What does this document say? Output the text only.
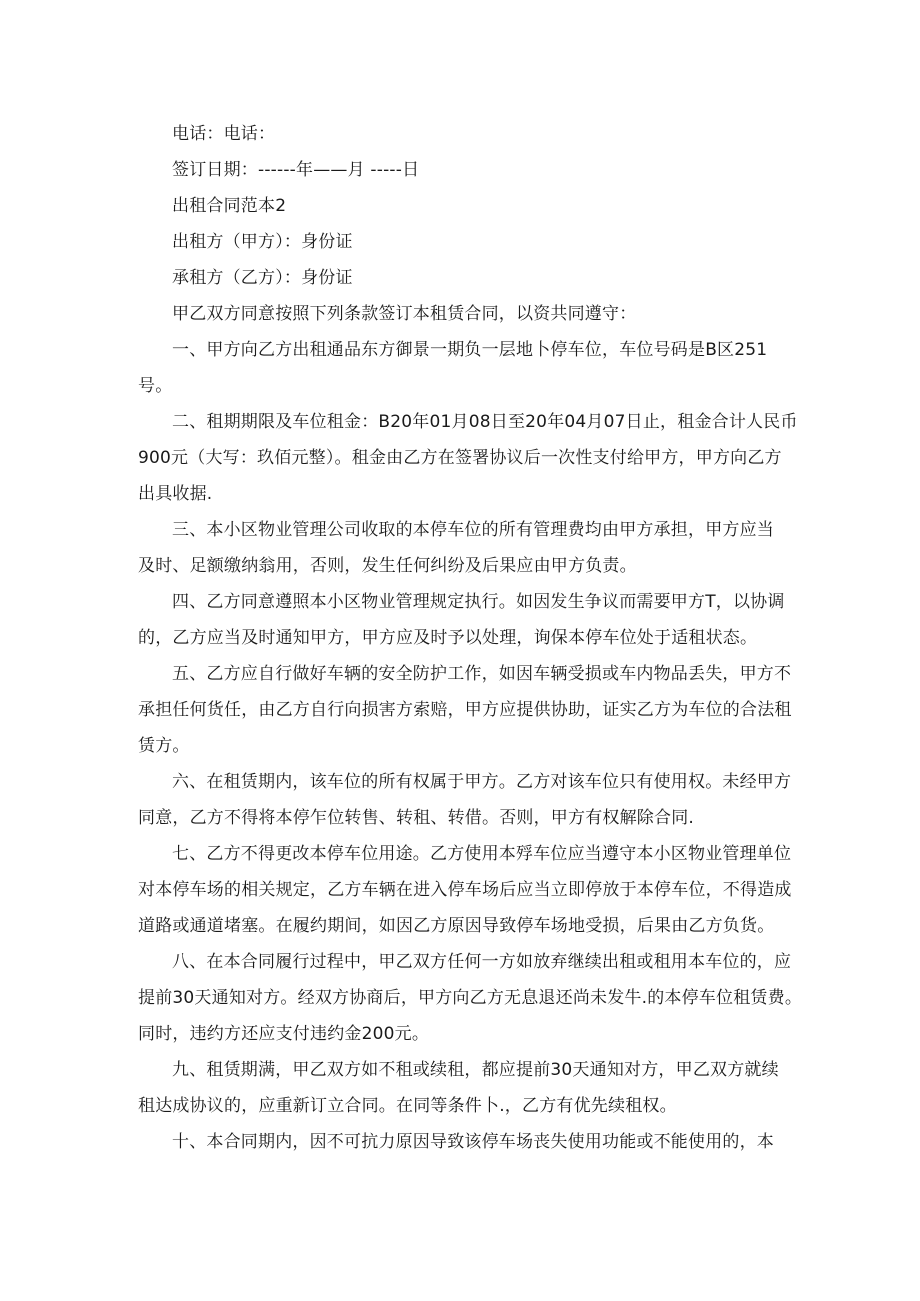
电话：电话：

签订日期：------年——月 -----日

出租合同范本2

出租方（甲方）：身份证

承租方（乙方）：身份证

甲乙双方同意按照下列条款签订本租赁合同，以资共同遵守：

一、甲方向乙方出租通品东方御景一期负一层地卜停车位，车位号码是B区251
号。
二、租期期限及车位租金：B20年01月08日至20年04月07日止，租金合计人民币
900元（大写：玖佰元整）。租金由乙方在签署协议后一次性支付给甲方，甲方向乙方
出具收据.
三、本小区物业管理公司收取的本停车位的所有管理费均由甲方承担，甲方应当
及时、足额缴纳翁用，否则，发生任何纠纷及后果应由甲方负责。
四、乙方同意遵照本小区物业管理规定执行。如因发生争议而需要甲方T，以协调
的，乙方应当及时通知甲方，甲方应及时予以处理，询保本停车位处于适租状态。
五、乙方应自行做好车辆的安全防护工作，如因车辆受损或车内物品丢失，甲方不
承担任何货任，由乙方自行向损害方索赔，甲方应提供协助，证实乙方为车位的合法租
赁方。
六、在租赁期内，该车位的所有权属于甲方。乙方对该车位只有使用权。未经甲方
同意，乙方不得将本停乍位转售、转租、转借。否则，甲方有权解除合同.
七、乙方不得更改本停车位用途。乙方使用本殍车位应当遵守本小区物业管理单位
对本停车场的相关规定，乙方车辆在进入停车场后应当立即停放于本停车位，不得造成
道路或通道堵塞。在履约期间，如因乙方原因导致停车场地受损，后果由乙方负货。
八、在本合同履行过程中，甲乙双方任何一方如放弃继续出租或租用本车位的，应
提前30天通知对方。经双方协商后，甲方向乙方无息退还尚未发牛.的本停车位租赁费。
同时，违约方还应支付违约金200元。
九、租赁期满，甲乙双方如不租或续租，都应提前30天通知对方，甲乙双方就续
租达成协议的，应重新订立合同。在同等条件卜.，乙方有优先续租权。
十、本合同期内，因不可抗力原因导致该停车场丧失使用功能或不能使用的，本
